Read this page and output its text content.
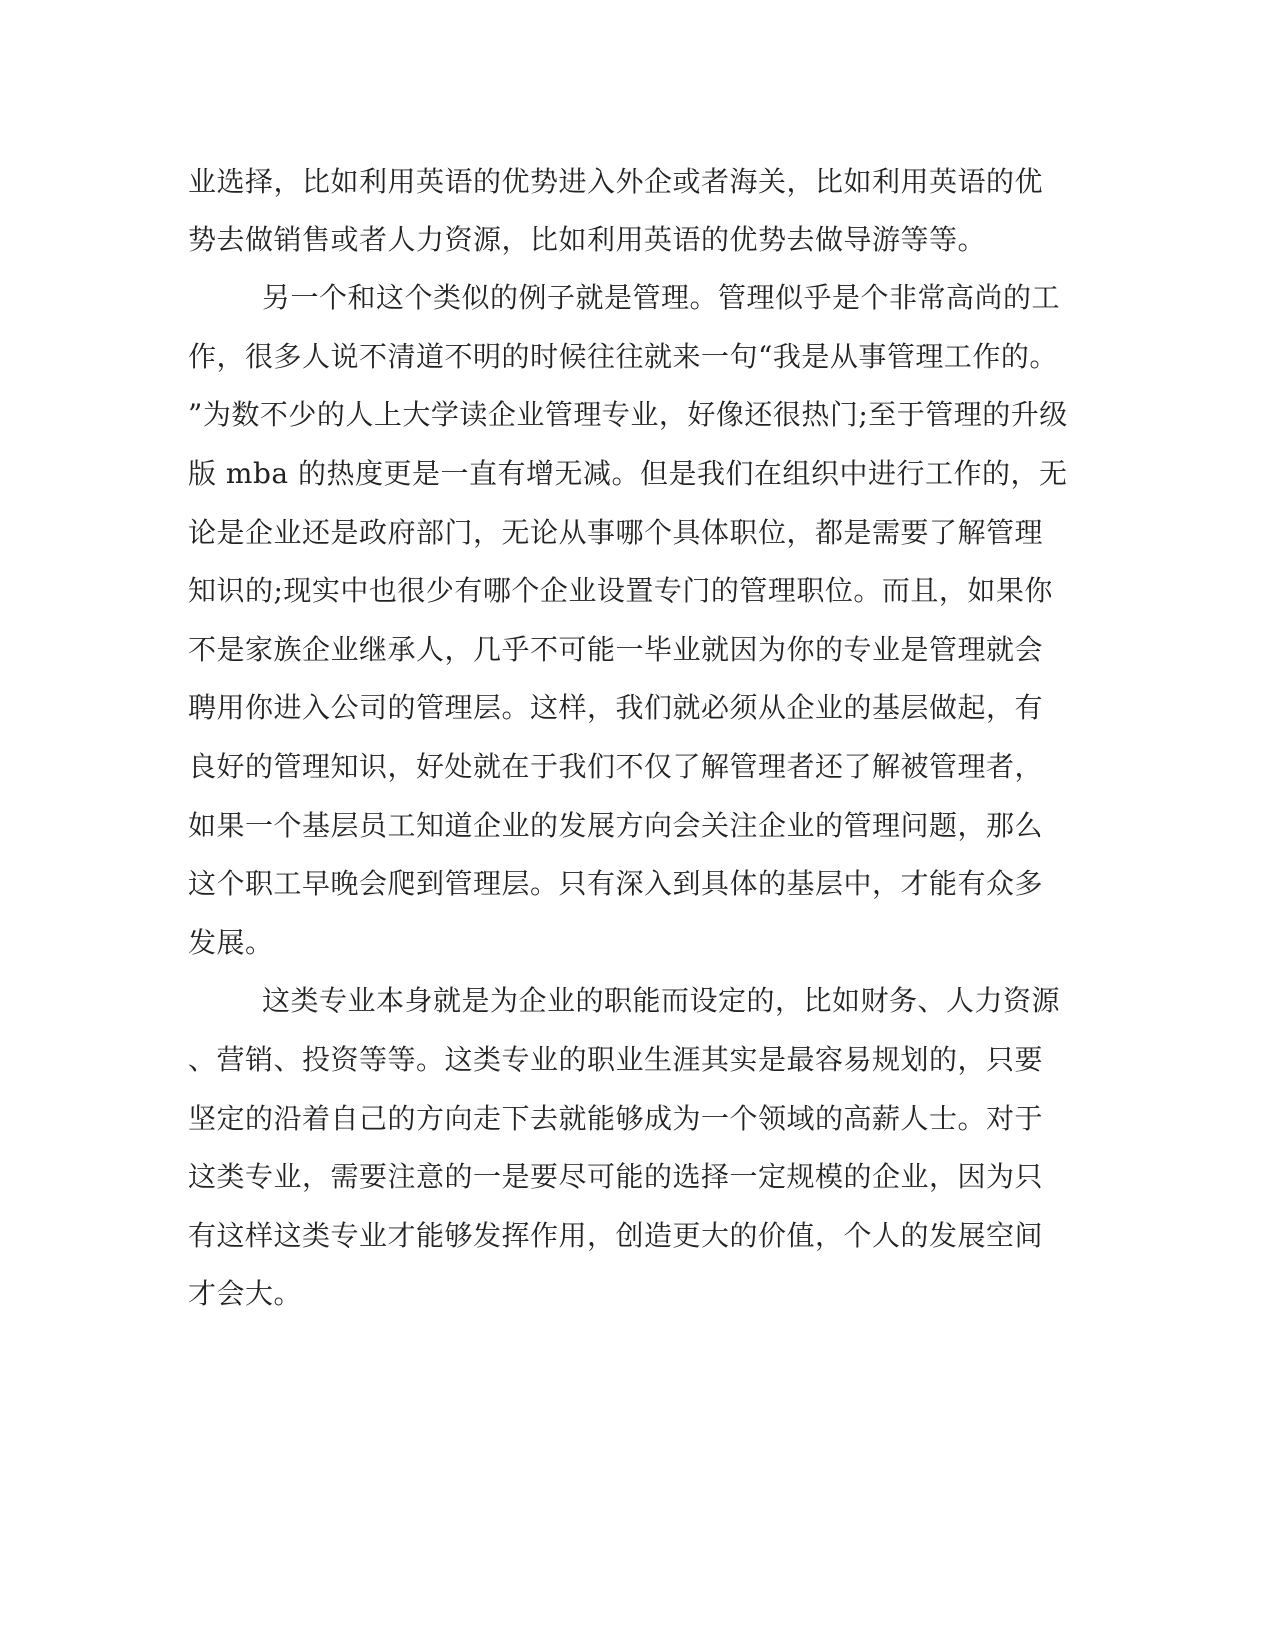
业选择，比如利用英语的优势进入外企或者海关，比如利用英语的优
势去做销售或者人力资源，比如利用英语的优势去做导游等等。
另一个和这个类似的例子就是管理。管理似乎是个非常高尚的工
作，很多人说不清道不明的时候往往就来一句“我是从事管理工作的。
”为数不少的人上大学读企业管理专业，好像还很热门;至于管理的升级
版 mba 的热度更是一直有增无减。但是我们在组织中进行工作的，无
论是企业还是政府部门，无论从事哪个具体职位，都是需要了解管理
知识的;现实中也很少有哪个企业设置专门的管理职位。而且，如果你
不是家族企业继承人，几乎不可能一毕业就因为你的专业是管理就会
聘用你进入公司的管理层。这样，我们就必须从企业的基层做起，有
良好的管理知识，好处就在于我们不仅了解管理者还了解被管理者，
如果一个基层员工知道企业的发展方向会关注企业的管理问题，那么
这个职工早晚会爬到管理层。只有深入到具体的基层中，才能有众多
发展。
这类专业本身就是为企业的职能而设定的，比如财务、人力资源
、营销、投资等等。这类专业的职业生涯其实是最容易规划的，只要
坚定的沿着自己的方向走下去就能够成为一个领域的高薪人士。对于
这类专业，需要注意的一是要尽可能的选择一定规模的企业，因为只
有这样这类专业才能够发挥作用，创造更大的价值，个人的发展空间
才会大。
